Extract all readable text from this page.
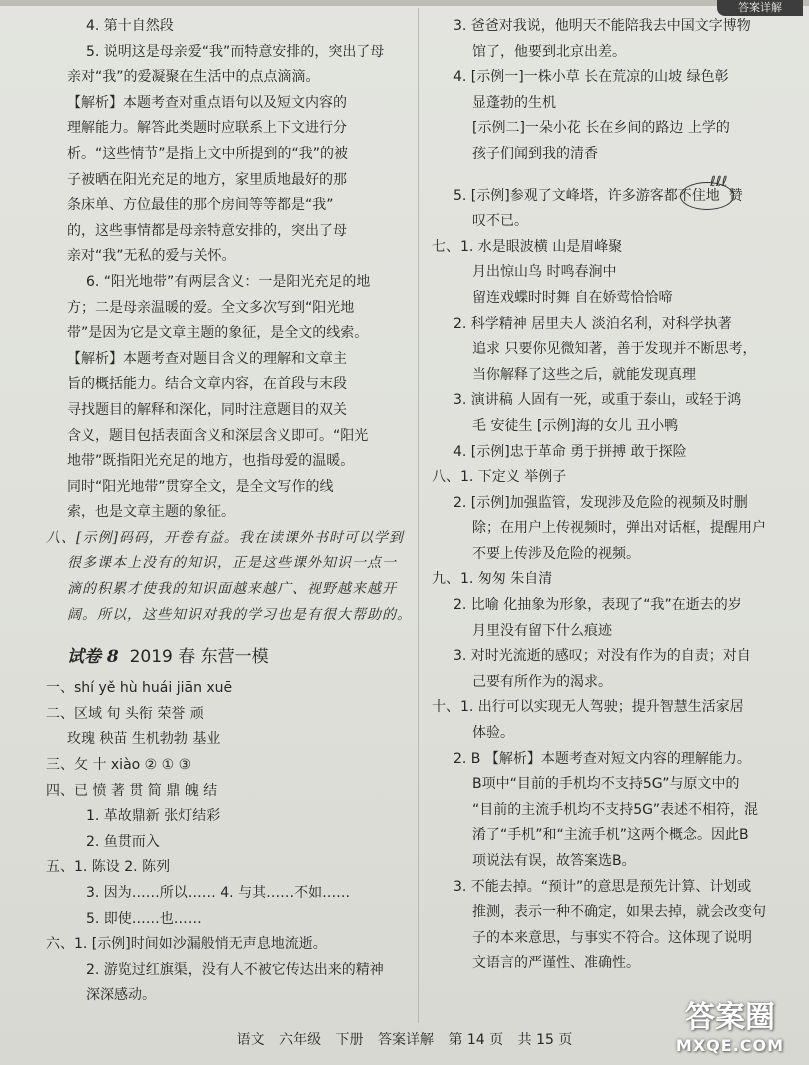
答案详解
4. 第十自然段
5. 说明这是母亲爱“我”而特意安排的，突出了母
亲对“我”的爱凝聚在生活中的点点滴滴。
【解析】本题考查对重点语句以及短文内容的
理解能力。解答此类题时应联系上下文进行分
析。“这些情节”是指上文中所提到的“我”的被
子被晒在阳光充足的地方，家里质地最好的那
条床单、方位最佳的那个房间等等都是“我”
的，这些事情都是母亲特意安排的，突出了母
亲对“我”无私的爱与关怀。
6. “阳光地带”有两层含义：一是阳光充足的地
方；二是母亲温暖的爱。全文多次写到“阳光地
带”是因为它是文章主题的象征，是全文的线索。
【解析】本题考查对题目含义的理解和文章主
旨的概括能力。结合文章内容，在首段与末段
寻找题目的解释和深化，同时注意题目的双关
含义，题目包括表面含义和深层含义即可。“阳光
地带”既指阳光充足的地方，也指母爱的温暖。
同时“阳光地带”贯穿全文，是全文写作的线
索，也是文章主题的象征。
八、[示例]码码，开卷有益。我在读课外书时可以学到
很多课本上没有的知识，正是这些课外知识一点一
滴的积累才使我的知识面越来越广、视野越来越开
阔。所以，这些知识对我的学习也是有很大帮助的。
试卷 8 2019 春 东营一模
一、shí yě hù huái jiān xuē
二、区域 旬 头衔 荣誉 顽
玫瑰 秧苗 生机勃勃 基业
三、攵 十 xiào ② ① ③
四、已 愤 著 贯 简 鼎 魄 结
1. 革故鼎新 张灯结彩
2. 鱼贯而入
五、1. 陈设 2. 陈列
3. 因为……所以…… 4. 与其……不如……
5. 即使……也……
六、1. [示例]时间如沙漏般悄无声息地流逝。
2. 游览过红旗渠，没有人不被它传达出来的精神
深深感动。
3. 爸爸对我说，他明天不能陪我去中国文字博物
馆了，他要到北京出差。
4. [示例一]一株小草 长在荒凉的山坡 绿色彰
显蓬勃的生机
[示例二]一朵小花 长在乡间的路边 上学的
孩子们闻到我的清香
5. [示例]参观了文峰塔，许多游客都不住地 赞
ℓℓℓ
叹不已。
七、1. 水是眼波横 山是眉峰聚
月出惊山鸟 时鸣春涧中
留连戏蝶时时舞 自在娇莺恰恰啼
2. 科学精神 居里夫人 淡泊名利，对科学执著
追求 只要你见微知著，善于发现并不断思考，
当你解释了这些之后，就能发现真理
3. 演讲稿 人固有一死，或重于泰山，或轻于鸿
毛 安徒生 [示例]海的女儿 丑小鸭
4. [示例]忠于革命 勇于拼搏 敢于探险
八、1. 下定义 举例子
2. [示例]加强监管，发现涉及危险的视频及时删
除；在用户上传视频时，弹出对话框，提醒用户
不要上传涉及危险的视频。
九、1. 匆匆 朱自清
2. 比喻 化抽象为形象，表现了“我”在逝去的岁
月里没有留下什么痕迹
3. 对时光流逝的感叹；对没有作为的自责；对自
己要有所作为的渴求。
十、1. 出行可以实现无人驾驶；提升智慧生活家居
体验。
2. B 【解析】本题考查对短文内容的理解能力。
B项中“目前的手机均不支持5G”与原文中的
“目前的主流手机均不支持5G”表述不相符，混
淆了“手机”和“主流手机”这两个概念。因此B
项说法有误，故答案选B。
3. 不能去掉。“预计”的意思是预先计算、计划或
推测，表示一种不确定，如果去掉，就会改变句
子的本来意思，与事实不符合。这体现了说明
文语言的严谨性、准确性。
语文 六年级 下册 答案详解 第 14 页 共 15 页
答案圈
MXQE.COM
